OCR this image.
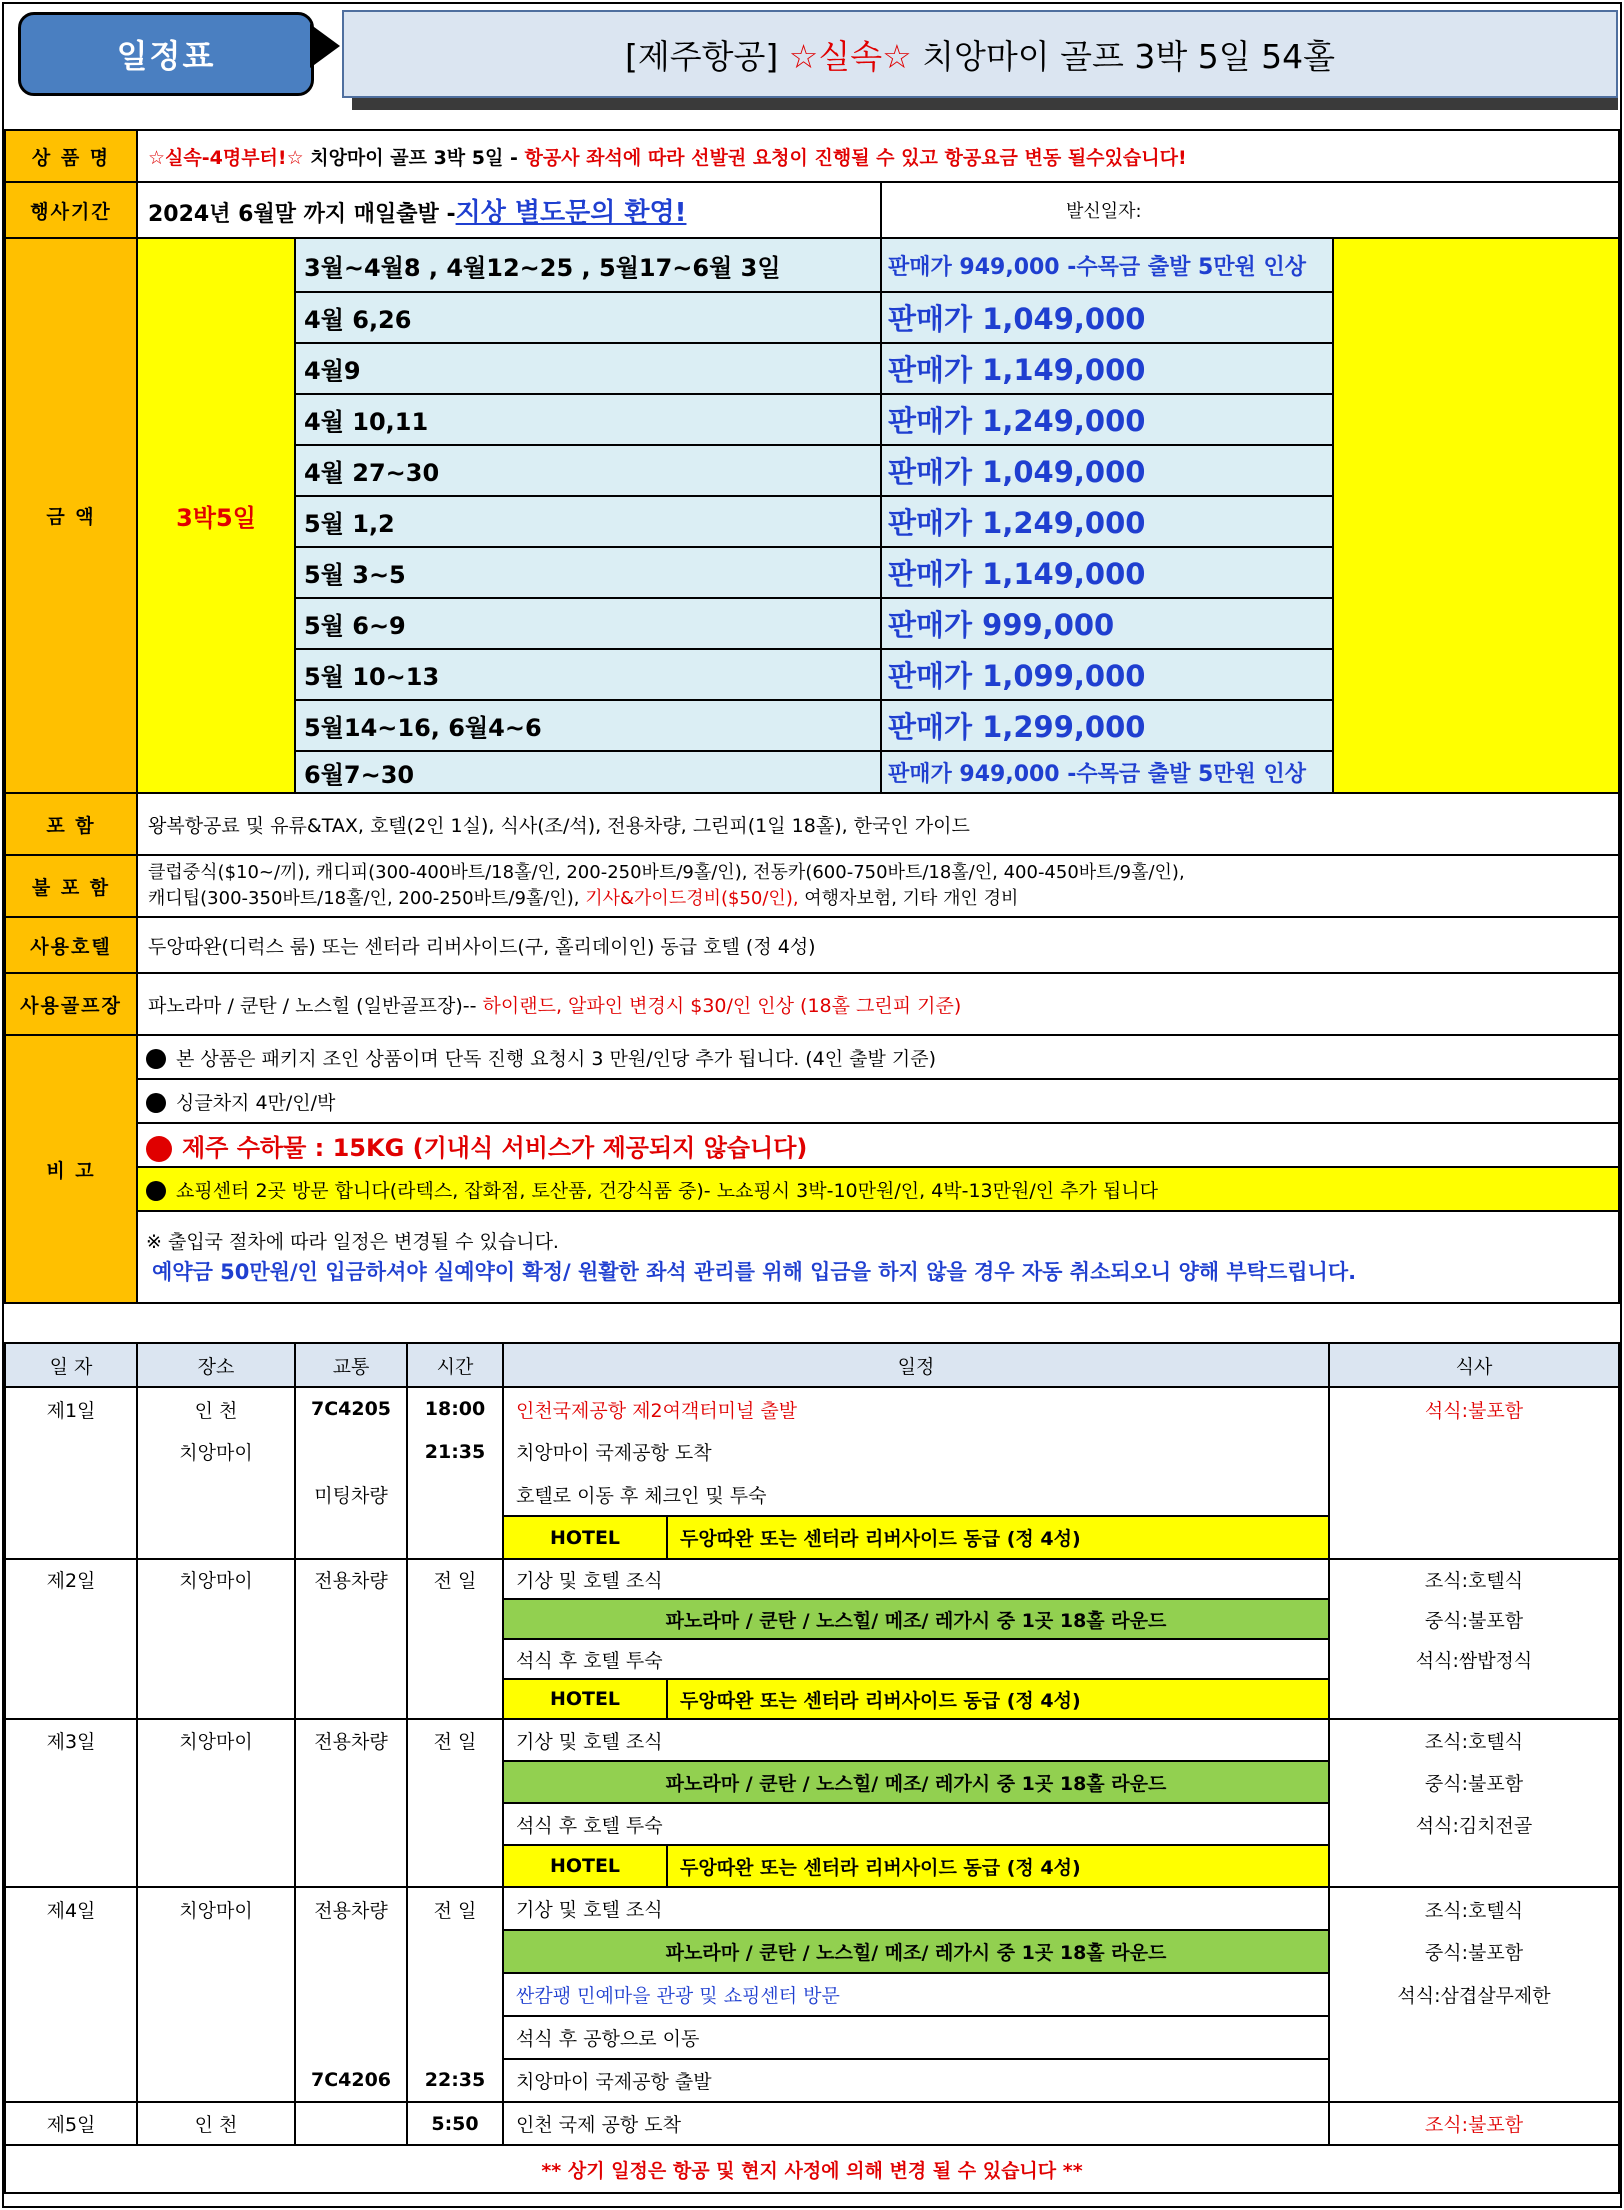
일정표	[제주항공]
☆실속☆
치앙마이 골프 3박 5일 54홀
상 품 명	☆실속-4명부터!☆ 치앙마이 골프 3박 5일 - 항공사 좌석에 따라 선발권 요청이 진행될 수 있고 항공요금 변동 될수있습니다!			
행사기간	2024년 6월말 까지 매일출발 -지상 별도문의 환영!		발신일자:	
금 액	3박5일	3월~4월8 , 4월12~25 , 5월17~6월 3일	판매가 949,000 -수목금 출발 5만원 인상	
		4월 6,26	판매가 1,049,000	
		4월9	판매가 1,149,000	
		4월 10,11	판매가 1,249,000	
		4월 27~30	판매가 1,049,000	
		5월 1,2	판매가 1,249,000	
		5월 3~5	판매가 1,149,000	
		5월 6~9	판매가 999,000	
		5월 10~13	판매가 1,099,000	
		5월14~16, 6월4~6	판매가 1,299,000	
		6월7~30	판매가 949,000 -수목금 출발 5만원 인상	
포 함	왕복항공료 및 유류&TAX, 호텔(2인 1실), 식사(조/석), 전용차량, 그린피(1일 18홀), 한국인 가이드			
불 포 함	클럽중식($10~/끼), 캐디피(300-400바트/18홀/인, 200-250바트/9홀/인), 전동카(600-750바트/18홀/인, 400-450바트/9홀/인),
캐디팁(300-350바트/18홀/인, 200-250바트/9홀/인), 기사&가이드경비($50/인), 여행자보험, 기타 개인 경비			

사용호텔	두앙따완(디럭스 룸) 또는 센터라 리버사이드(구, 홀리데이인) 동급 호텔 (정 4성)			
사용골프장	파노라마 / 쿤탄 / 노스힐 (일반골프장)-- 하이랜드, 알파인 변경시 $30/인 인상 (18홀 그린피 기준)			
비 고	본 상품은 패키지 조인 상품이며 단독 진행 요청시 3 만원/인당 추가 됩니다. (4인 출발 기준)			
	싱글차지 4만/인/박			
	제주 수하물 : 15KG (기내식 서비스가 제공되지 않습니다)			
	쇼핑센터 2곳 방문 합니다(라텍스, 잡화점, 토산품, 건강식품 중)- 노쇼핑시 3박-10만원/인, 4박-13만원/인 추가 됩니다			

	※ 출입국 절차에 따라 일정은 변경될 수 있습니다.
예약금 50만원/인 입금하셔야 실예약이 확정/ 원활한 좌석 관리를 위해 입금을 하지 않을 경우 자동 취소되오니 양해 부탁드립니다.			
일 자	장소	교통	시간	일정		식사
제1일	인 천	7C4205	18:00	인천국제공항 제2여객터미널 출발		석식:불포함
	치앙마이		21:35	치앙마이 국제공항 도착		
		미팅차량		호텔로 이동 후 체크인 및 투숙		
				HOTEL	두앙따완 또는 센터라 리버사이드 동급 (정 4성)	
제2일	치앙마이	전용차량	전 일	기상 및 호텔 조식		조식:호텔식
				파노라마 / 쿤탄 / 노스힐/ 메조/ 레가시 중 1곳 18홀 라운드		중식:불포함
				석식 후 호텔 투숙		석식:쌈밥정식
				HOTEL	두앙따완 또는 센터라 리버사이드 동급 (정 4성)	
제3일	치앙마이	전용차량	전 일	기상 및 호텔 조식		조식:호텔식
				파노라마 / 쿤탄 / 노스힐/ 메조/ 레가시 중 1곳 18홀 라운드		중식:불포함
				석식 후 호텔 투숙		석식:김치전골
				HOTEL	두앙따완 또는 센터라 리버사이드 동급 (정 4성)	
제4일	치앙마이	전용차량	전 일	기상 및 호텔 조식		조식:호텔식
				파노라마 / 쿤탄 / 노스힐/ 메조/ 레가시 중 1곳 18홀 라운드		중식:불포함
				싼캄팽 민예마을 관광 및 쇼핑센터 방문		석식:삼겹살무제한
				석식 후 공항으로 이동		
		7C4206	22:35	치앙마이 국제공항 출발		
제5일	인 천		5:50	인천 국제 공항 도착		조식:불포함
** 상기 일정은 항공 및 현지 사정에 의해 변경 될 수 있습니다 **						
